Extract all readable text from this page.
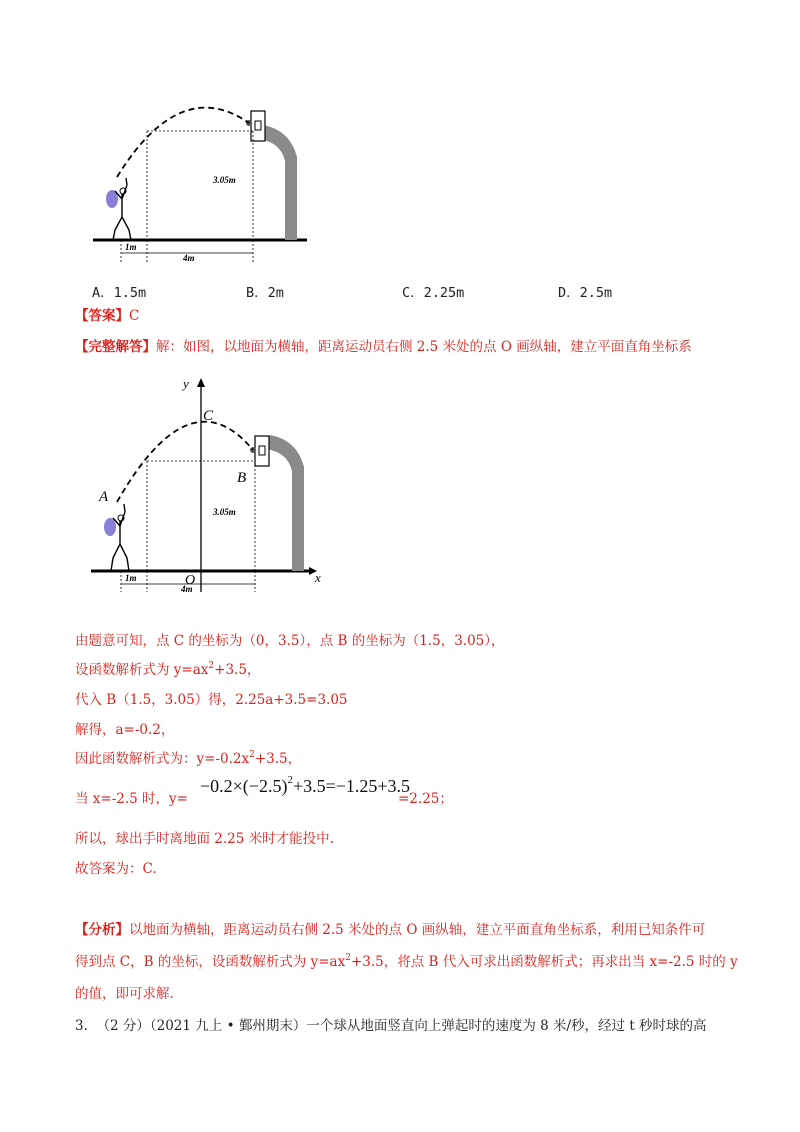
3.05m
1m
4m
A．1.5m	B．2m	C．2.25m	D．2.5m
【答案】C
【完整解答】解：如图，以地面为横轴，距离运动员右侧 2.5 米处的点 O 画纵轴，建立平面直角坐标系
y
x
C
B
A
O
3.05m
1m
4m
由题意可知，点 C 的坐标为（0，3.5），点 B 的坐标为（1.5，3.05），
设函数解析式为 $y=ax^2+3.5$，
代入 B（1.5，3.05）得，2.25a+3.5=3.05
解得，a=-0.2，
因此函数解析式为：$y=-0.2x^2+3.5$，
当 x=-2.5 时，y=
$-0.2\times(-2.5)^2+3.5=-1.25+3.5$
=2.25；
所以，球出手时离地面 2.25 米时才能投中.
故答案为：C.
【分析】以地面为横轴，距离运动员右侧 2.5 米处的点 O 画纵轴，建立平面直角坐标系，利用已知条件可
得到点 C，B 的坐标，设函数解析式为 $y=ax^2+3.5$，将点 B 代入可求出函数解析式；再求出当 x=-2.5 时的 y
的值，即可求解.
3. （2 分）（2021 九上 • 鄞州期末）一个球从地面竖直向上弹起时的速度为 8 米/秒，经过 t 秒时球的高
